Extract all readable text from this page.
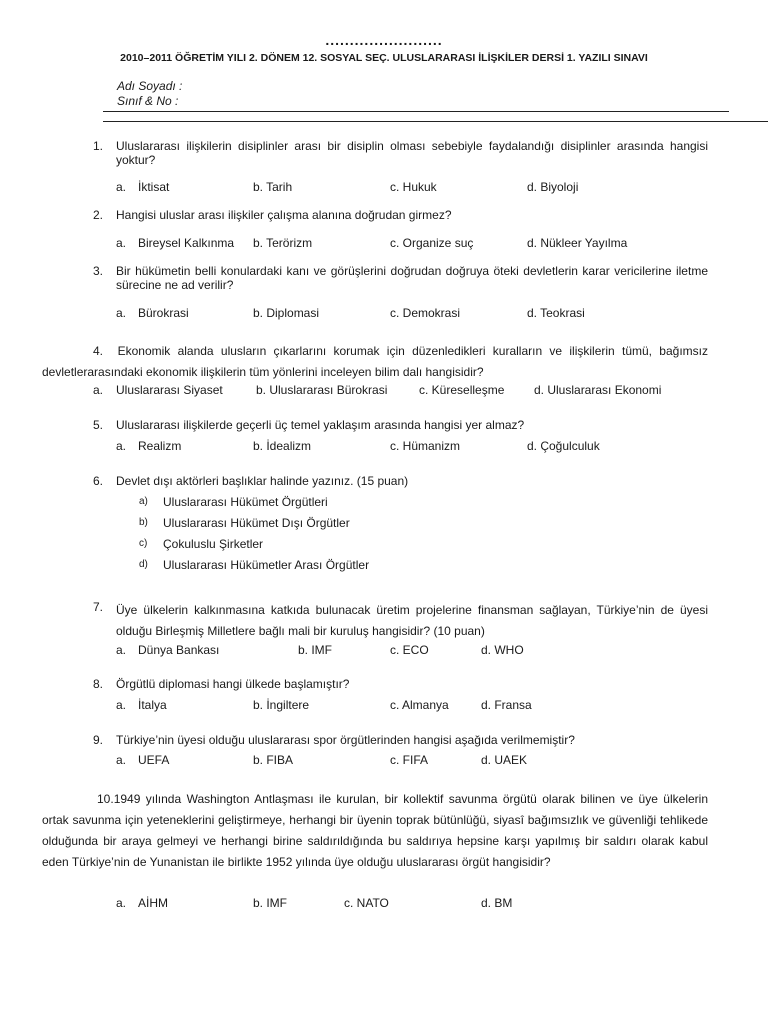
........................
2010–2011 ÖĞRETİM YILI 2. DÖNEM 12. SOSYAL SEÇ. ULUSLARARASI İLİŞKİLER DERSİ 1. YAZILI SINAVI
Adı Soyadı :
Sınıf & No :
1. Uluslararası ilişkilerin disiplinler arası bir disiplin olması sebebiyle faydalandığı disiplinler arasında hangisi yoktur?
a. İktisat	b. Tarih	c. Hukuk	d. Biyoloji
2. Hangisi uluslar arası ilişkiler çalışma alanına doğrudan girmez?
a. Bireysel Kalkınma b. Terörizm	c. Organize suç	d. Nükleer Yayılma
3. Bir hükümetin belli konulardaki kanı ve görüşlerini doğrudan doğruya öteki devletlerin karar vericilerine iletme sürecine ne ad verilir?
a. Bürokrasi	b. Diplomasi	c. Demokrasi	d. Teokrasi
4. Ekonomik alanda ulusların çıkarlarını korumak için düzenledikleri kuralların ve ilişkilerin tümü, bağımsız devletlerarasındaki ekonomik ilişkilerin tüm yönlerini inceleyen bilim dalı hangisidir?
a. Uluslararası Siyaset	b. Uluslararası Bürokrasi	c. Küreselleşme d. Uluslararası Ekonomi
5. Uluslararası ilişkilerde geçerli üç temel yaklaşım arasında hangisi yer almaz?
a. Realizm	b. İdealizm	c. Hümanizm	d. Çoğulculuk
6. Devlet dışı aktörleri başlıklar halinde yazınız. (15 puan)
a) Uluslararası Hükümet Örgütleri
b) Uluslararası Hükümet Dışı Örgütler
c) Çokuluslu Şirketler
d) Uluslararası Hükümetler Arası Örgütler
7. Üye ülkelerin kalkınmasına katkıda bulunacak üretim projelerine finansman sağlayan, Türkiye’nin de üyesi olduğu Birleşmiş Milletlere bağlı mali bir kuruluş hangisidir? (10 puan)
a. Dünya Bankası	b. IMF	c. ECO	d. WHO
8. Örgütlü diplomasi hangi ülkede başlamıştır?
a. İtalya	b. İngiltere	c. Almanya	d. Fransa
9. Türkiye’nin üyesi olduğu uluslararası spor örgütlerinden hangisi aşağıda verilmemiştir?
a. UEFA	b. FIBA	c. FIFA	d. UAEK
10.1949 yılında Washington Antlaşması ile kurulan, bir kollektif savunma örgütü olarak bilinen ve üye ülkelerin ortak savunma için yeteneklerini geliştirmeye, herhangi bir üyenin toprak bütünlüğü, siyasî bağımsızlık ve güvenliği tehlikede olduğunda bir araya gelmeyi ve herhangi birine saldırıldığında bu saldırıya hepsine karşı yapılmış bir saldırı olarak kabul eden Türkiye’nin de Yunanistan ile birlikte 1952 yılında üye olduğu uluslararası örgüt hangisidir?
a. AİHM	b. IMF	c. NATO	d. BM
